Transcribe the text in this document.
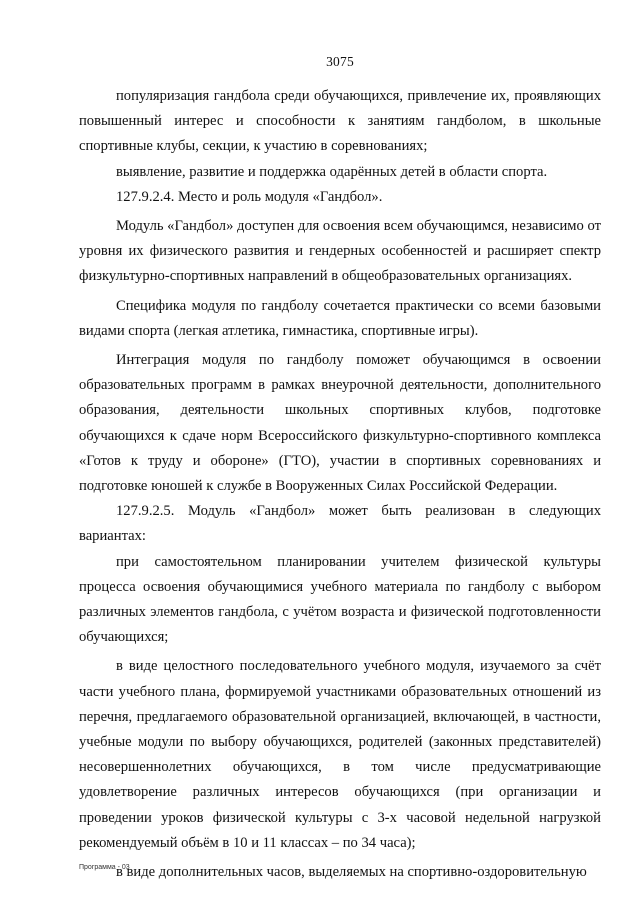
3075

популяризация гандбола среди обучающихся, привлечение их, проявляющих повышенный интерес и способности к занятиям гандболом, в школьные спортивные клубы, секции, к участию в соревнованиях;

выявление, развитие и поддержка одарённых детей в области спорта.

127.9.2.4. Место и роль модуля «Гандбол».

Модуль «Гандбол» доступен для освоения всем обучающимся, независимо от уровня их физического развития и гендерных особенностей и расширяет спектр физкультурно-спортивных направлений в общеобразовательных организациях.

Специфика модуля по гандболу сочетается практически со всеми базовыми видами спорта (легкая атлетика, гимнастика, спортивные игры).

Интеграция модуля по гандболу поможет обучающимся в освоении образовательных программ в рамках внеурочной деятельности, дополнительного образования, деятельности школьных спортивных клубов, подготовке обучающихся к сдаче норм Всероссийского физкультурно-спортивного комплекса «Готов к труду и обороне» (ГТО), участии в спортивных соревнованиях и подготовке юношей к службе в Вооруженных Силах Российской Федерации.

127.9.2.5. Модуль «Гандбол» может быть реализован в следующих вариантах:

при самостоятельном планировании учителем физической культуры процесса освоения обучающимися учебного материала по гандболу с выбором различных элементов гандбола, с учётом возраста и физической подготовленности обучающихся;

в виде целостного последовательного учебного модуля, изучаемого за счёт части учебного плана, формируемой участниками образовательных отношений из перечня, предлагаемого образовательной организацией, включающей, в частности, учебные модули по выбору обучающихся, родителей (законных представителей) несовершеннолетних обучающихся, в том числе предусматривающие удовлетворение различных интересов обучающихся (при организации и проведении уроков физической культуры с 3-х часовой недельной нагрузкой рекомендуемый объём в 10 и 11 классах – по 34 часа);

в виде дополнительных часов, выделяемых на спортивно-оздоровительную

Программа - 03
